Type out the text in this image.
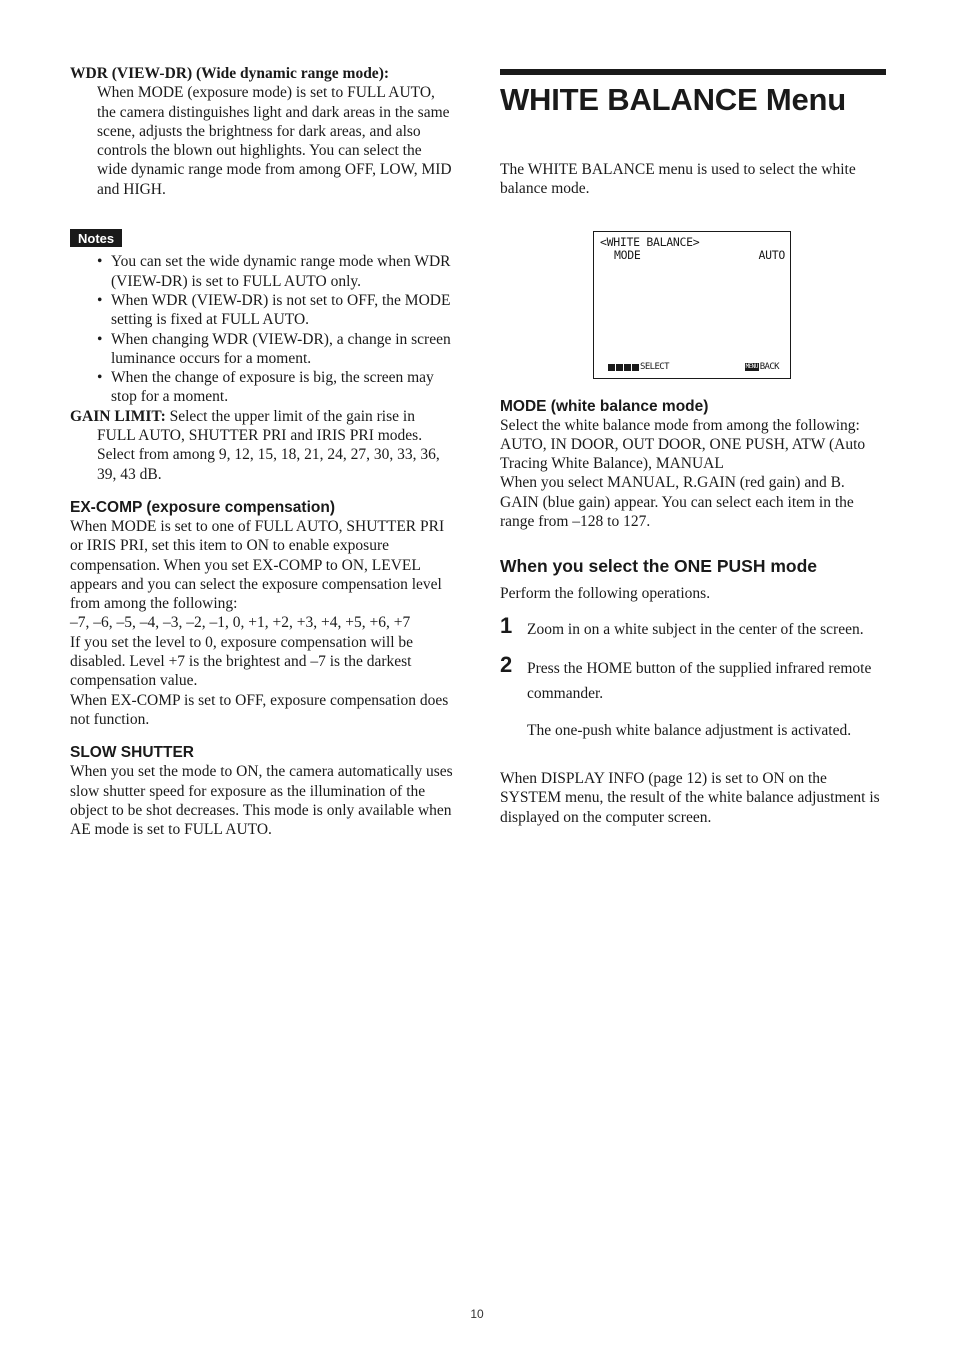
WDR (VIEW-DR) (Wide dynamic range mode):

When MODE (exposure mode) is set to FULL AUTO, the camera distinguishes light and dark areas in the same scene, adjusts the brightness for dark areas, and also controls the blown out highlights. You can select the wide dynamic range mode from among OFF, LOW, MID and HIGH.

Notes
• You can set the wide dynamic range mode when WDR (VIEW-DR) is set to FULL AUTO only.
• When WDR (VIEW-DR) is not set to OFF, the MODE setting is fixed at FULL AUTO.
• When changing WDR (VIEW-DR), a change in screen luminance occurs for a moment.
• When the change of exposure is big, the screen may stop for a moment.

GAIN LIMIT: Select the upper limit of the gain rise in FULL AUTO, SHUTTER PRI and IRIS PRI modes. Select from among 9, 12, 15, 18, 21, 24, 27, 30, 33, 36, 39, 43 dB.

EX-COMP (exposure compensation)

When MODE is set to one of FULL AUTO, SHUTTER PRI or IRIS PRI, set this item to ON to enable exposure compensation. When you set EX-COMP to ON, LEVEL appears and you can select the exposure compensation level from among the following:

–7, –6, –5, –4, –3, –2, –1, 0, +1, +2, +3, +4, +5, +6, +7

If you set the level to 0, exposure compensation will be disabled. Level +7 is the brightest and –7 is the darkest compensation value.

When EX-COMP is set to OFF, exposure compensation does not function.

SLOW SHUTTER

When you set the mode to ON, the camera automatically uses slow shutter speed for exposure as the illumination of the object to be shot decreases. This mode is only available when AE mode is set to FULL AUTO.

WHITE BALANCE Menu

The WHITE BALANCE menu is used to select the white balance mode.

<WHITE BALANCE>
MODE	AUTO
SELECT	MENU BACK
MODE (white balance mode)

Select the white balance mode from among the following: AUTO, IN DOOR, OUT DOOR, ONE PUSH, ATW (Auto Tracing White Balance), MANUAL

When you select MANUAL, R.GAIN (red gain) and B. GAIN (blue gain) appear. You can select each item in the range from –128 to 127.

When you select the ONE PUSH mode

Perform the following operations.

1 Zoom in on a white subject in the center of the screen.
2 Press the HOME button of the supplied infrared remote commander.

The one-push white balance adjustment is activated.

When DISPLAY INFO (page 12) is set to ON on the SYSTEM menu, the result of the white balance adjustment is displayed on the computer screen.

10
